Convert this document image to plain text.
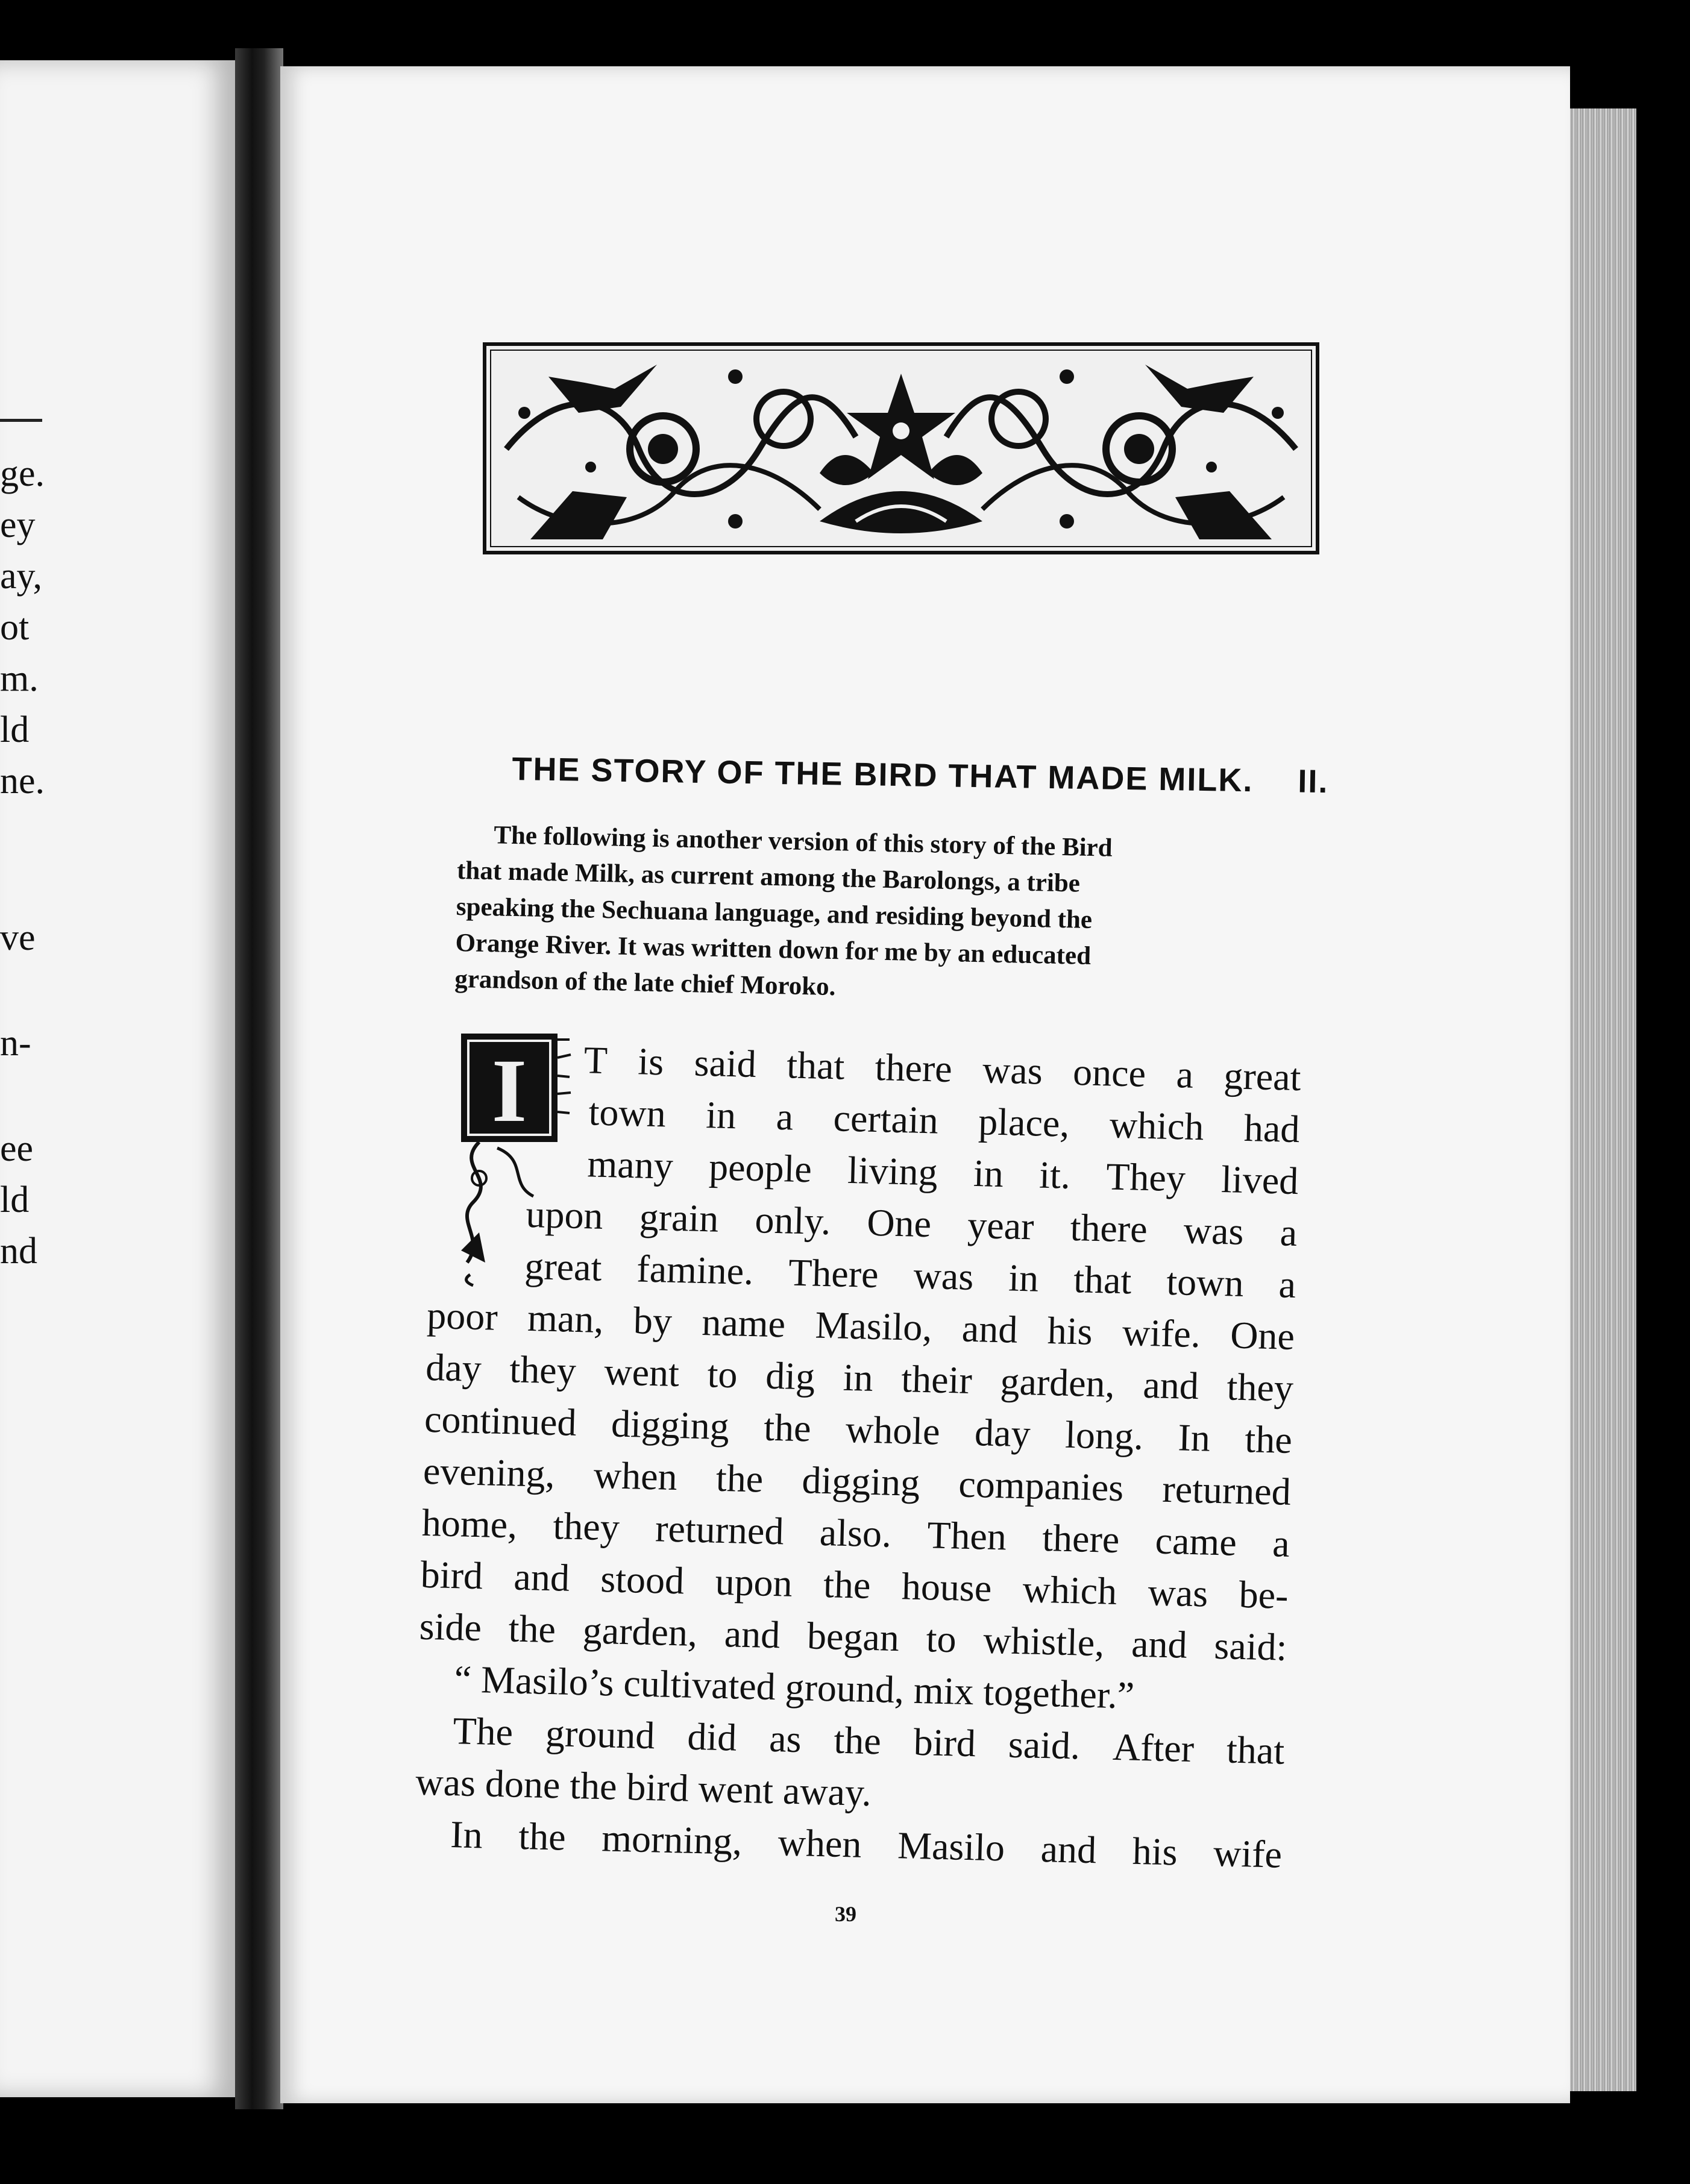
ge.
ey
ay,
ot
m.
ld
ne.
ve
n-
ee
ld
nd
THE STORY OF THE BIRD THAT MADE MILK. II.
The following is another version of this story of the Bird
that made Milk, as current among the Barolongs, a tribe
speaking the Sechuana language, and residing beyond the
Orange River. It was written down for me by an educated
grandson of the late chief Moroko.
I T is said that there was once a great
town in a certain place, which had
many people living in it. They lived
upon grain only. One year there was a
great famine. There was in that town a
poor man, by name Masilo, and his wife. One
day they went to dig in their garden, and they
continued digging the whole day long. In the
evening, when the digging companies returned
home, they returned also. Then there came a
bird and stood upon the house which was be-
side the garden, and began to whistle, and said:
“ Masilo’s cultivated ground, mix together.”
The ground did as the bird said. After that
was done the bird went away.
In the morning, when Masilo and his wife
39
